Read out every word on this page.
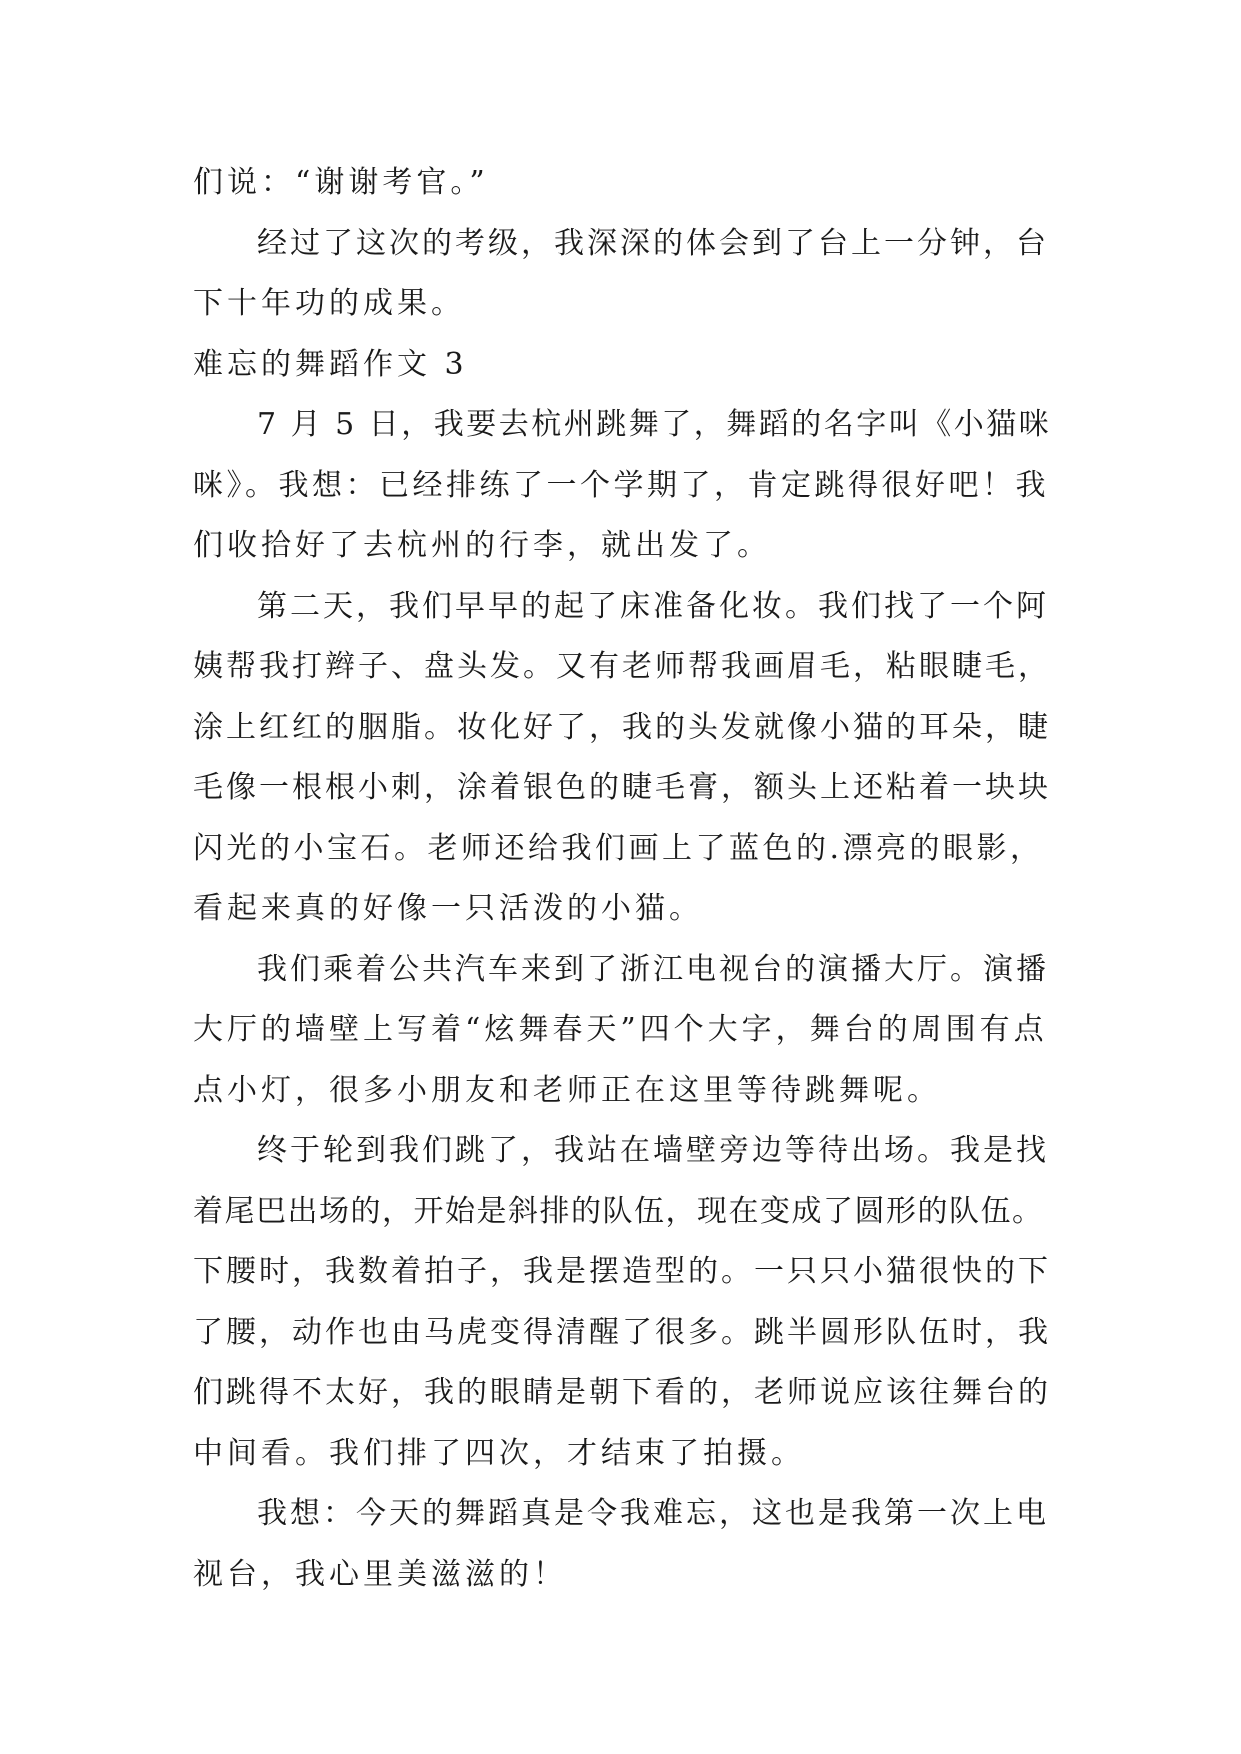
们说：“谢谢考官。”
经过了这次的考级，我深深的体会到了台上一分钟，台
下十年功的成果。
难忘的舞蹈作文 3
7 月 5 日，我要去杭州跳舞了，舞蹈的名字叫《小猫咪
咪》。我想：已经排练了一个学期了，肯定跳得很好吧！我
们收拾好了去杭州的行李，就出发了。
第二天，我们早早的起了床准备化妆。我们找了一个阿
姨帮我打辫子、盘头发。又有老师帮我画眉毛，粘眼睫毛，
涂上红红的胭脂。妆化好了，我的头发就像小猫的耳朵，睫
毛像一根根小刺，涂着银色的睫毛膏，额头上还粘着一块块
闪光的小宝石。老师还给我们画上了蓝色的.漂亮的眼影，
看起来真的好像一只活泼的小猫。
我们乘着公共汽车来到了浙江电视台的演播大厅。演播
大厅的墙壁上写着“炫舞春天”四个大字，舞台的周围有点
点小灯，很多小朋友和老师正在这里等待跳舞呢。
终于轮到我们跳了，我站在墙壁旁边等待出场。我是找
着尾巴出场的，开始是斜排的队伍，现在变成了圆形的队伍。
下腰时，我数着拍子，我是摆造型的。一只只小猫很快的下
了腰，动作也由马虎变得清醒了很多。跳半圆形队伍时，我
们跳得不太好，我的眼睛是朝下看的，老师说应该往舞台的
中间看。我们排了四次，才结束了拍摄。
我想：今天的舞蹈真是令我难忘，这也是我第一次上电
视台，我心里美滋滋的！
